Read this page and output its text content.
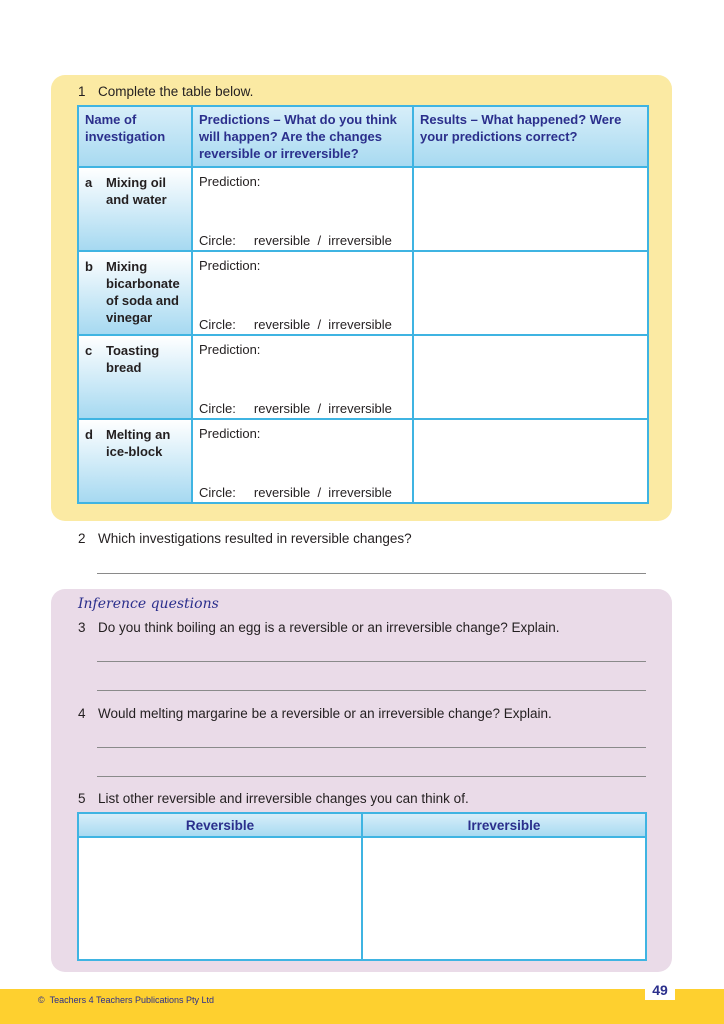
1 Complete the table below.
Name of investigation	Predictions – What do you think will happen? Are the changes reversible or irreversible?	Results – What happened? Were your predictions correct?

a Mixing oil and water	Prediction:
Circle:     reversible  /  irreversible	

b Mixing bicarbonate of soda and vinegar	Prediction:
Circle:     reversible  /  irreversible	

c Toasting bread	Prediction:
Circle:     reversible  /  irreversible	

d Melting an ice-block	Prediction:
Circle:     reversible  /  irreversible	

2 Which investigations resulted in reversible changes?
Inference questions
3 Do you think boiling an egg is a reversible or an irreversible change? Explain.
4 Would melting margarine be a reversible or an irreversible change? Explain.
5 List other reversible and irreversible changes you can think of.
Reversible	Irreversible

©  Teachers 4 Teachers Publications Pty Ltd
49
